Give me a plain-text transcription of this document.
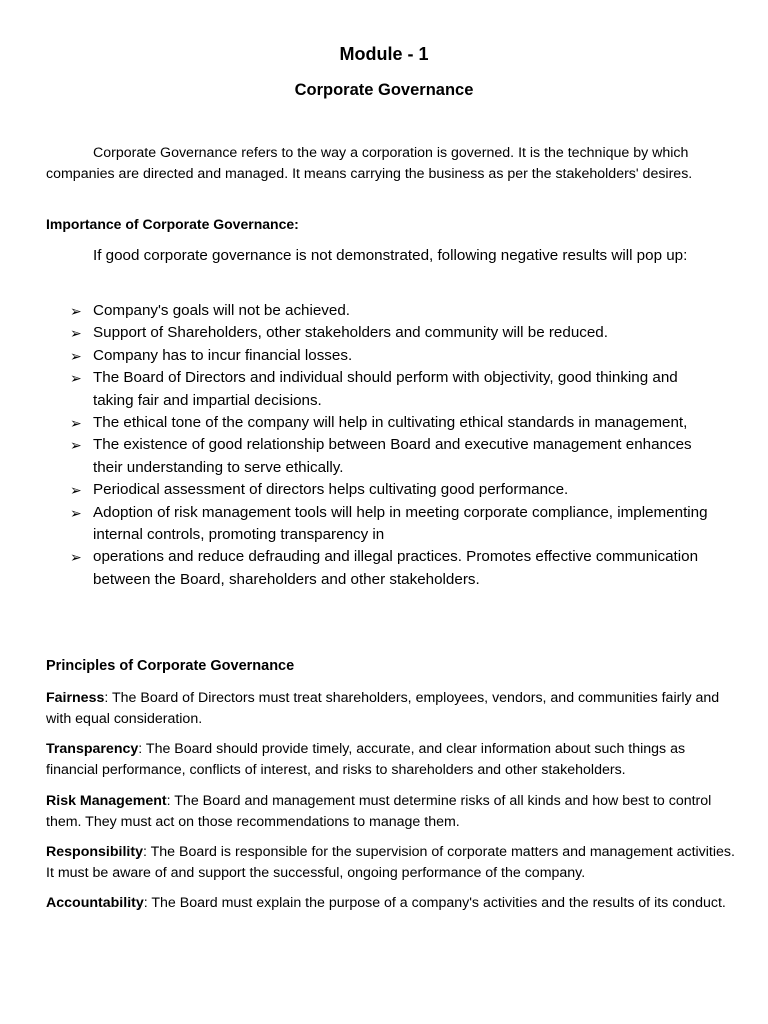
Module - 1
Corporate Governance
Corporate Governance refers to the way a corporation is governed. It is the technique by which companies are directed and managed. It means carrying the business as per the stakeholders' desires.
Importance of Corporate Governance:
If good corporate governance is not demonstrated, following negative results will pop up:
➢ Company's goals will not be achieved.
➢ Support of Shareholders, other stakeholders and community will be reduced.
➢ Company has to incur financial losses.
➢ The Board of Directors and individual should perform with objectivity, good thinking and taking fair and impartial decisions.
➢ The ethical tone of the company will help in cultivating ethical standards in management,
➢ The existence of good relationship between Board and executive management enhances their understanding to serve ethically.
➢ Periodical assessment of directors helps cultivating good performance.
➢ Adoption of risk management tools will help in meeting corporate compliance, implementing internal controls, promoting transparency in
➢ operations and reduce defrauding and illegal practices. Promotes effective communication between the Board, shareholders and other stakeholders.
Principles of Corporate Governance
Fairness: The Board of Directors must treat shareholders, employees, vendors, and communities fairly and with equal consideration.
Transparency: The Board should provide timely, accurate, and clear information about such things as financial performance, conflicts of interest, and risks to shareholders and other stakeholders.
Risk Management: The Board and management must determine risks of all kinds and how best to control them. They must act on those recommendations to manage them.
Responsibility: The Board is responsible for the supervision of corporate matters and management activities. It must be aware of and support the successful, ongoing performance of the company.
Accountability: The Board must explain the purpose of a company's activities and the results of its conduct.
